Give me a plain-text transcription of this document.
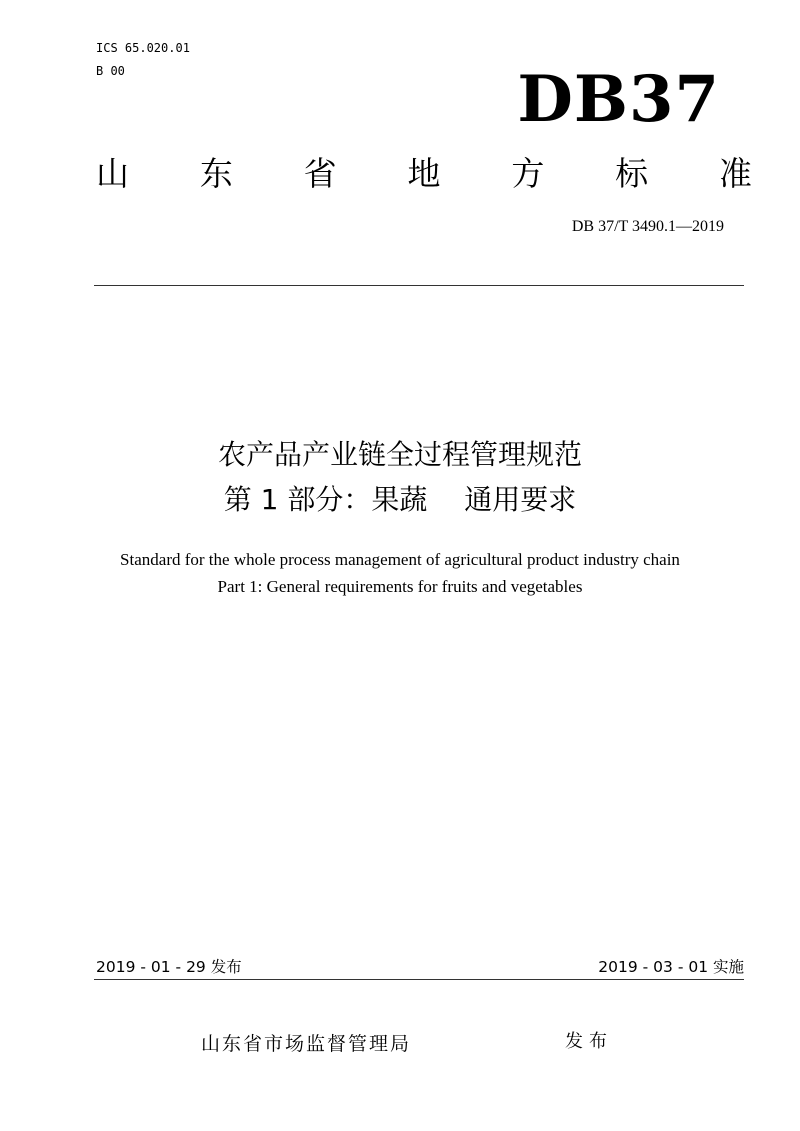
ICS 65.020.01
B 00	DB37
山 东 省 地 方 标 准
DB 37/T 3490.1—2019
农产品产业链全过程管理规范
第 1 部分：果蔬　 通用要求
Standard for the whole process management of agricultural product industry chain
Part 1: General requirements for fruits and vegetables
2019 - 01 - 29 发布	2019 - 03 - 01 实施
山东省市场监督管理局	发布
